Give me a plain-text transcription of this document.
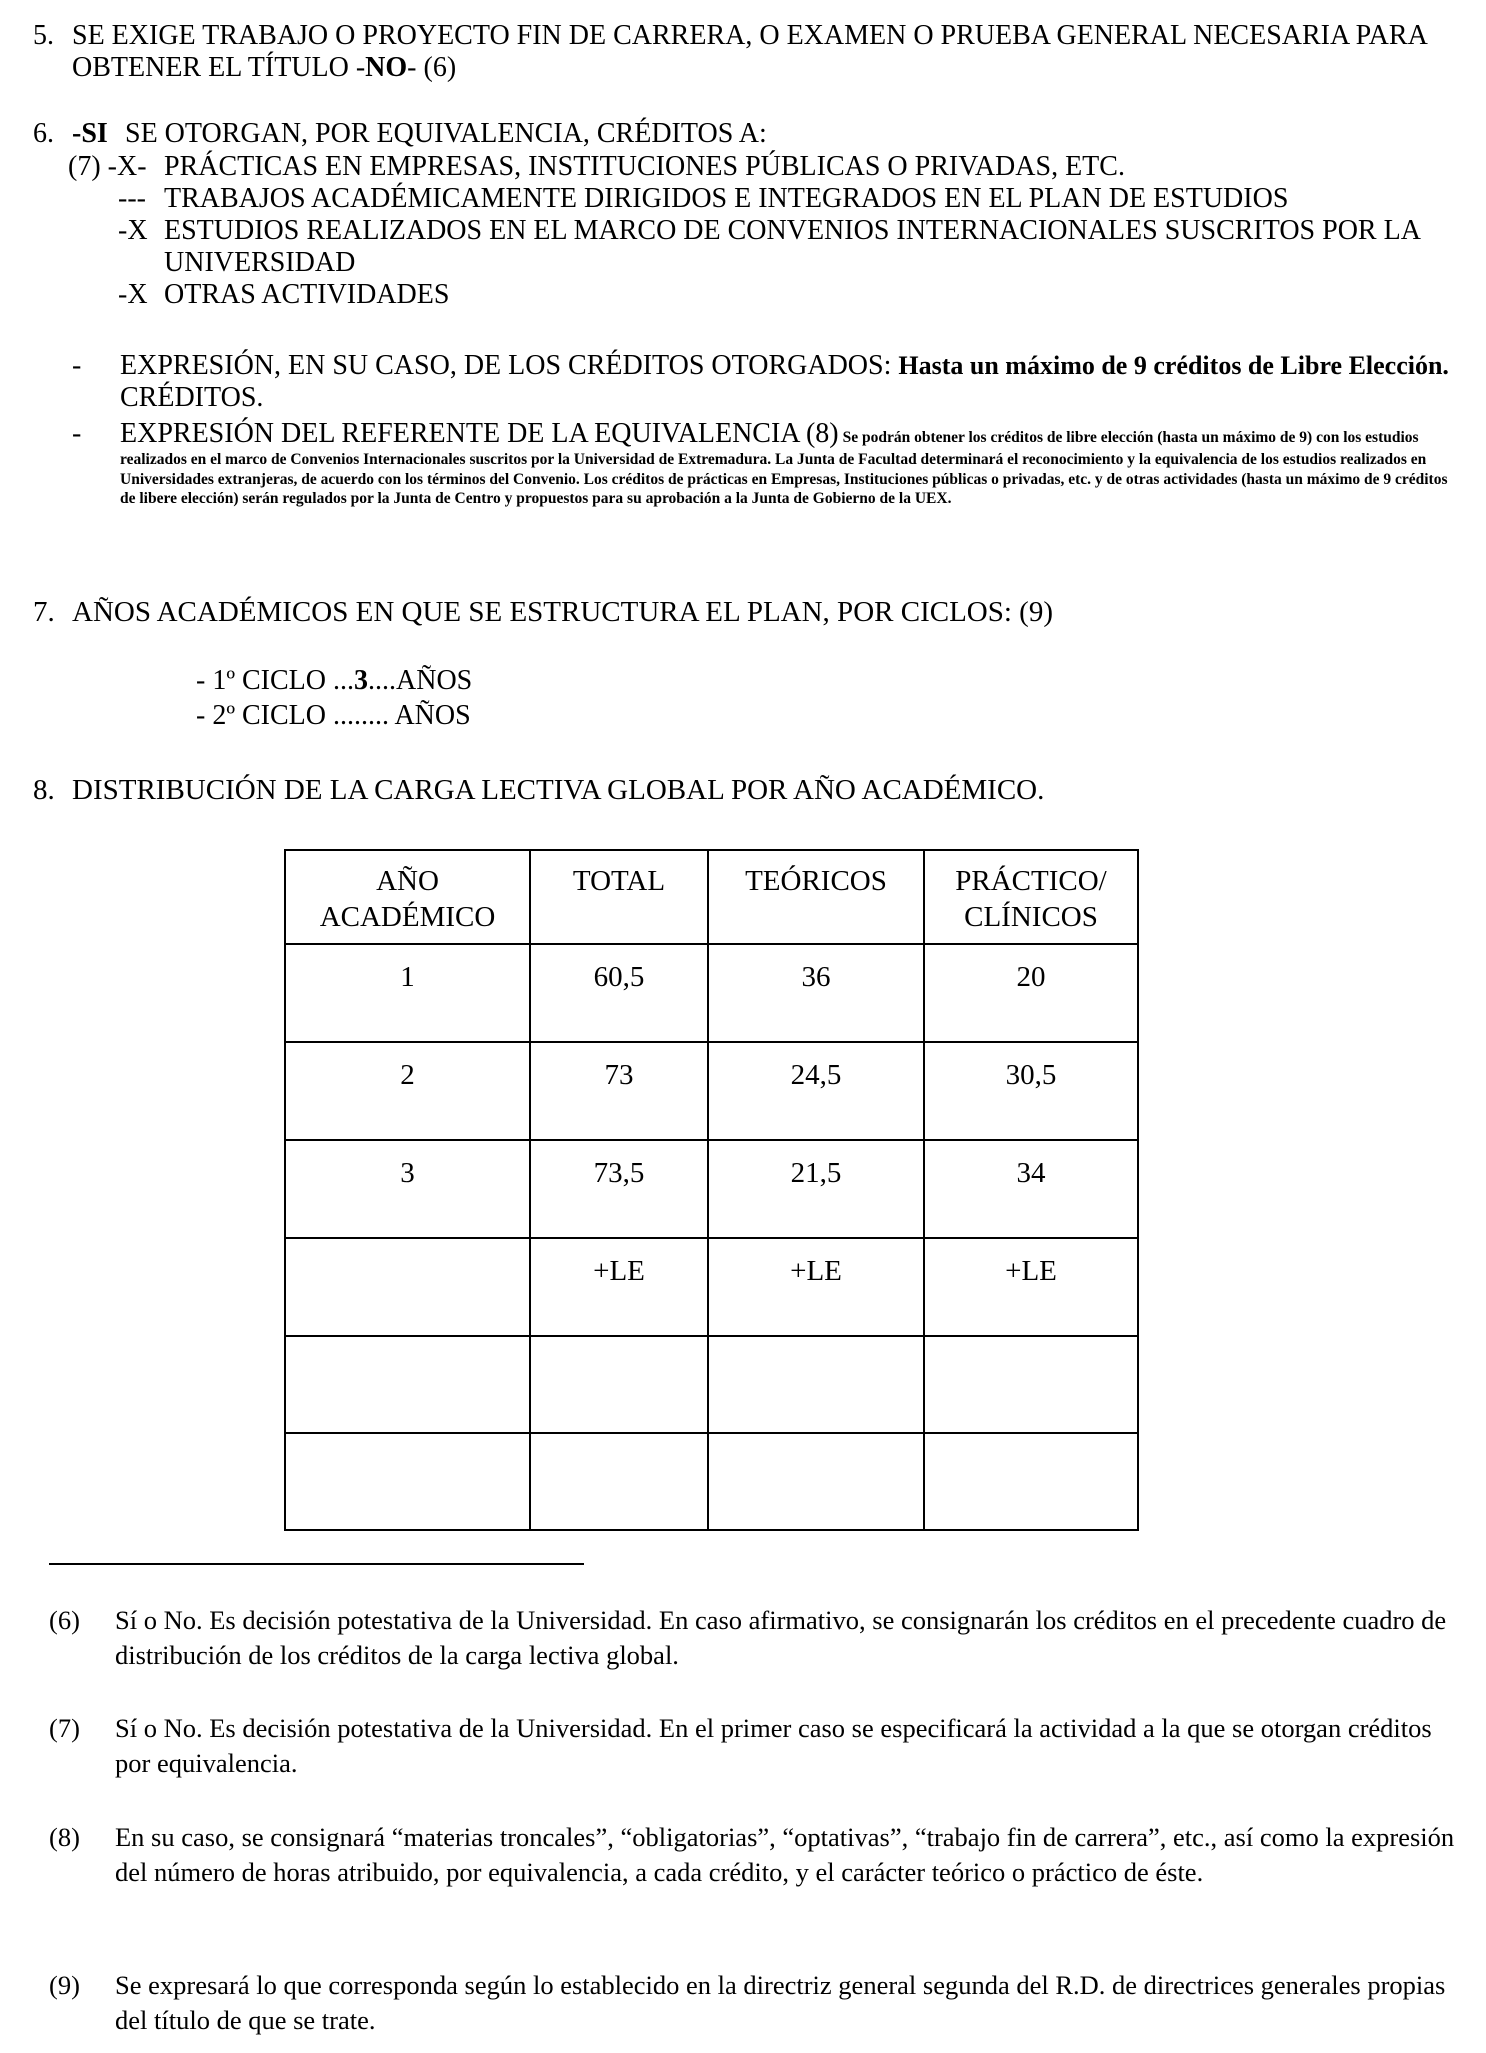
5. SE EXIGE TRABAJO O PROYECTO FIN DE CARRERA, O EXAMEN O PRUEBA GENERAL NECESARIA PARA
OBTENER EL TÍTULO -NO- (6)
6. -SI SE OTORGAN, POR EQUIVALENCIA, CRÉDITOS A:
(7) -X- PRÁCTICAS EN EMPRESAS, INSTITUCIONES PÚBLICAS O PRIVADAS, ETC.
--- TRABAJOS ACADÉMICAMENTE DIRIGIDOS E INTEGRADOS EN EL PLAN DE ESTUDIOS
-X ESTUDIOS REALIZADOS EN EL MARCO DE CONVENIOS INTERNACIONALES SUSCRITOS POR LA
UNIVERSIDAD
-X OTRAS ACTIVIDADES
- EXPRESIÓN, EN SU CASO, DE LOS CRÉDITOS OTORGADOS: Hasta un máximo de 9 créditos de Libre Elección.
CRÉDITOS.
- EXPRESIÓN DEL REFERENTE DE LA EQUIVALENCIA (8) Se podrán obtener los créditos de libre elección (hasta un máximo de 9) con los estudios realizados en el marco de Convenios Internacionales suscritos por la Universidad de Extremadura. La Junta de Facultad determinará el reconocimiento y la equivalencia de los estudios realizados en Universidades extranjeras, de acuerdo con los términos del Convenio. Los créditos de prácticas en Empresas, Instituciones públicas o privadas, etc. y de otras actividades (hasta un máximo de 9 créditos de libere elección) serán regulados por la Junta de Centro y propuestos para su aprobación a la Junta de Gobierno de la UEX.
7. AÑOS ACADÉMICOS EN QUE SE ESTRUCTURA EL PLAN, POR CICLOS: (9)
- 1º CICLO ...3....AÑOS
- 2º CICLO ........ AÑOS
8. DISTRIBUCIÓN DE LA CARGA LECTIVA GLOBAL POR AÑO ACADÉMICO.
AÑO
ACADÉMICO	TOTAL	TEÓRICOS	PRÁCTICO/
CLÍNICOS
1	60,5	36	20
2	73	24,5	30,5
3	73,5	21,5	34
	+LE	+LE	+LE

(6) Sí o No. Es decisión potestativa de la Universidad. En caso afirmativo, se consignarán los créditos en el precedente cuadro de distribución de los créditos de la carga lectiva global.
(7) Sí o No. Es decisión potestativa de la Universidad. En el primer caso se especificará la actividad a la que se otorgan créditos por equivalencia.
(8) En su caso, se consignará “materias troncales”, “obligatorias”, “optativas”, “trabajo fin de carrera”, etc., así como la expresión del número de horas atribuido, por equivalencia, a cada crédito, y el carácter teórico o práctico de éste.
(9) Se expresará lo que corresponda según lo establecido en la directriz general segunda del R.D. de directrices generales propias del título de que se trate.
